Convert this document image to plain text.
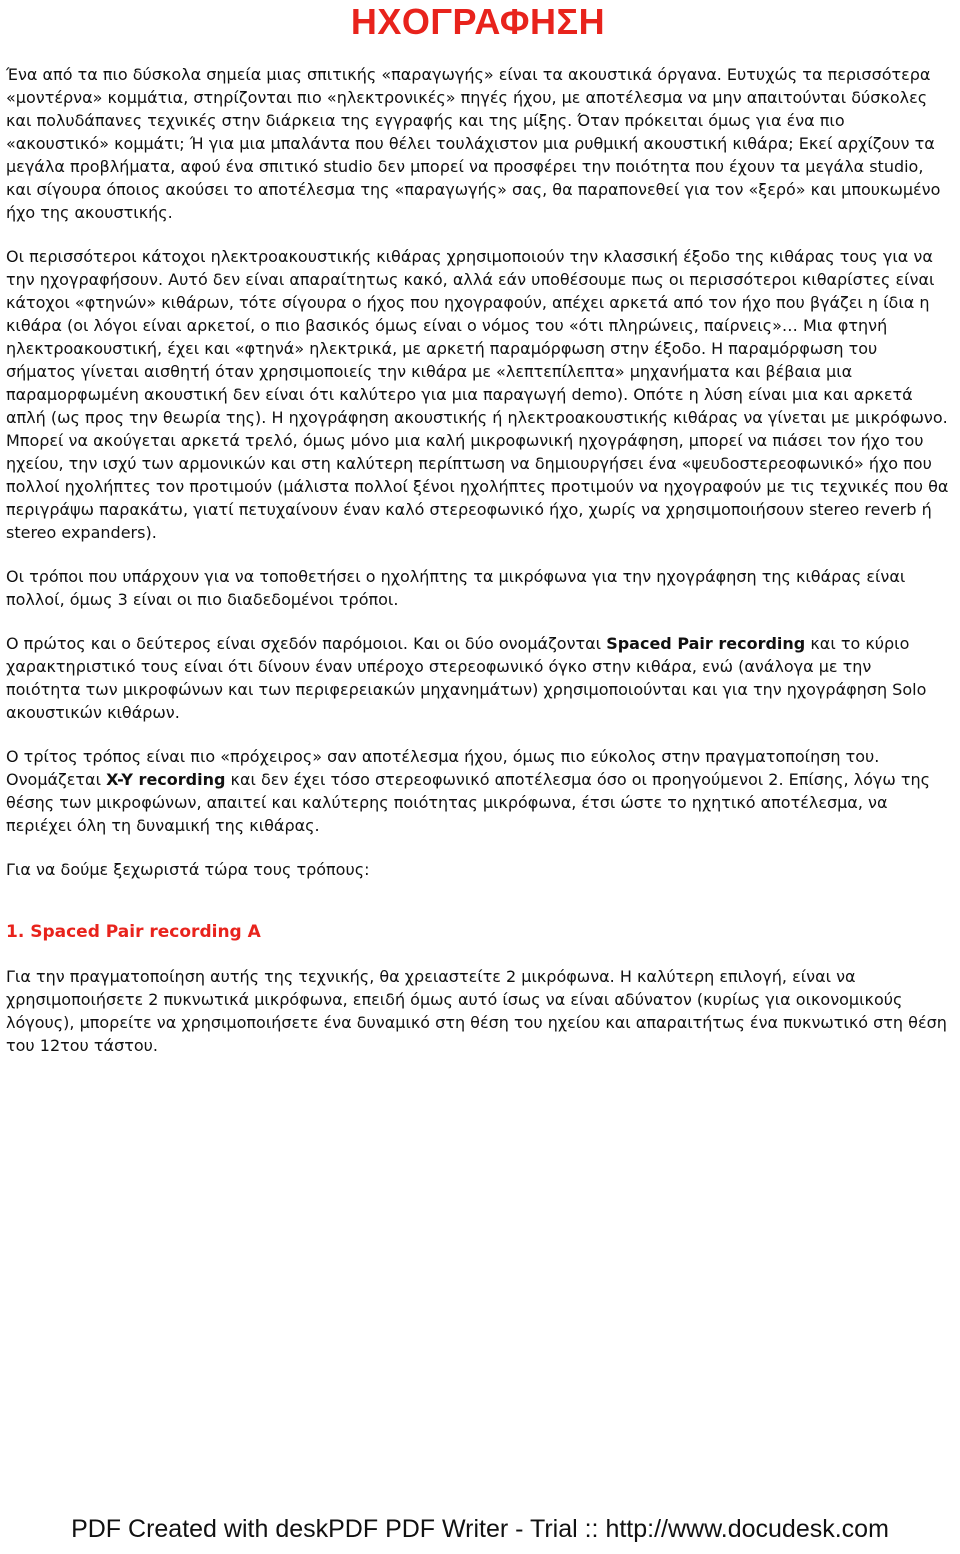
ΗΧΟΓΡΑΦΗΣΗ

Ένα από τα πιο δύσκολα σημεία μιας σπιτικής «παραγωγής» είναι τα ακουστικά όργανα. Ευτυχώς τα περισσότερα «μοντέρνα» κομμάτια, στηρίζονται πιο «ηλεκτρονικές» πηγές ήχου, με αποτέλεσμα να μην απαιτούνται δύσκολες και πολυδάπανες τεχνικές στην διάρκεια της εγγραφής και της μίξης. Όταν πρόκειται όμως για ένα πιο «ακουστικό» κομμάτι; Ή για μια μπαλάντα που θέλει τουλάχιστον μια ρυθμική ακουστική κιθάρα; Εκεί αρχίζουν τα μεγάλα προβλήματα, αφού ένα σπιτικό studio δεν μπορεί να προσφέρει την ποιότητα που έχουν τα μεγάλα studio, και σίγουρα όποιος ακούσει το αποτέλεσμα της «παραγωγής» σας, θα παραπονεθεί για τον «ξερό» και μπουκωμένο ήχο της ακουστικής.

Οι περισσότεροι κάτοχοι ηλεκτροακουστικής κιθάρας χρησιμοποιούν την κλασσική έξοδο της κιθάρας τους για να την ηχογραφήσουν. Αυτό δεν είναι απαραίτητως κακό, αλλά εάν υποθέσουμε πως οι περισσότεροι κιθαρίστες είναι κάτοχοι «φτηνών» κιθάρων, τότε σίγουρα ο ήχος που ηχογραφούν, απέχει αρκετά από τον ήχο που βγάζει η ίδια η κιθάρα (οι λόγοι είναι αρκετοί, ο πιο βασικός όμως είναι ο νόμος του «ότι πληρώνεις, παίρνεις»… Μια φτηνή ηλεκτροακουστική, έχει και «φτηνά» ηλεκτρικά, με αρκετή παραμόρφωση στην έξοδο. Η παραμόρφωση του σήματος γίνεται αισθητή όταν χρησιμοποιείς την κιθάρα με «λεπτεπίλεπτα» μηχανήματα και βέβαια μια παραμορφωμένη ακουστική δεν είναι ότι καλύτερο για μια παραγωγή demo). Οπότε η λύση είναι μια και αρκετά απλή (ως προς την θεωρία της). Η ηχογράφηση ακουστικής ή ηλεκτροακουστικής κιθάρας να γίνεται με μικρόφωνο. Μπορεί να ακούγεται αρκετά τρελό, όμως μόνο μια καλή μικροφωνική ηχογράφηση, μπορεί να πιάσει τον ήχο του ηχείου, την ισχύ των αρμονικών και στη καλύτερη περίπτωση να δημιουργήσει ένα «ψευδοστερεοφωνικό» ήχο που πολλοί ηχολήπτες τον προτιμούν (μάλιστα πολλοί ξένοι ηχολήπτες προτιμούν να ηχογραφούν με τις τεχνικές που θα περιγράψω παρακάτω, γιατί πετυχαίνουν έναν καλό στερεοφωνικό ήχο, χωρίς να χρησιμοποιήσουν stereo reverb ή stereo expanders).

Οι τρόποι που υπάρχουν για να τοποθετήσει ο ηχολήπτης τα μικρόφωνα για την ηχογράφηση της κιθάρας είναι πολλοί, όμως 3 είναι οι πιο διαδεδομένοι τρόποι.

Ο πρώτος και ο δεύτερος είναι σχεδόν παρόμοιοι. Και οι δύο ονομάζονται Spaced Pair recording και το κύριο χαρακτηριστικό τους είναι ότι δίνουν έναν υπέροχο στερεοφωνικό όγκο στην κιθάρα, ενώ (ανάλογα με την ποιότητα των μικροφώνων και των περιφερειακών μηχανημάτων) χρησιμοποιούνται και για την ηχογράφηση Solo ακουστικών κιθάρων.

Ο τρίτος τρόπος είναι πιο «πρόχειρος» σαν αποτέλεσμα ήχου, όμως πιο εύκολος στην πραγματοποίηση του. Ονομάζεται X-Y recording και δεν έχει τόσο στερεοφωνικό αποτέλεσμα όσο οι προηγούμενοι 2. Επίσης, λόγω της θέσης των μικροφώνων, απαιτεί και καλύτερης ποιότητας μικρόφωνα, έτσι ώστε το ηχητικό αποτέλεσμα, να περιέχει όλη τη δυναμική της κιθάρας.

Για να δούμε ξεχωριστά τώρα τους τρόπους:

1. Spaced Pair recording A

Για την πραγματοποίηση αυτής της τεχνικής, θα χρειαστείτε 2 μικρόφωνα. Η καλύτερη επιλογή, είναι να χρησιμοποιήσετε 2 πυκνωτικά μικρόφωνα, επειδή όμως αυτό ίσως να είναι αδύνατον (κυρίως για οικονομικούς λόγους), μπορείτε να χρησιμοποιήσετε ένα δυναμικό στη θέση του ηχείου και απαραιτήτως ένα πυκνωτικό στη θέση του 12του τάστου.

PDF Created with deskPDF PDF Writer - Trial :: http://www.docudesk.com
